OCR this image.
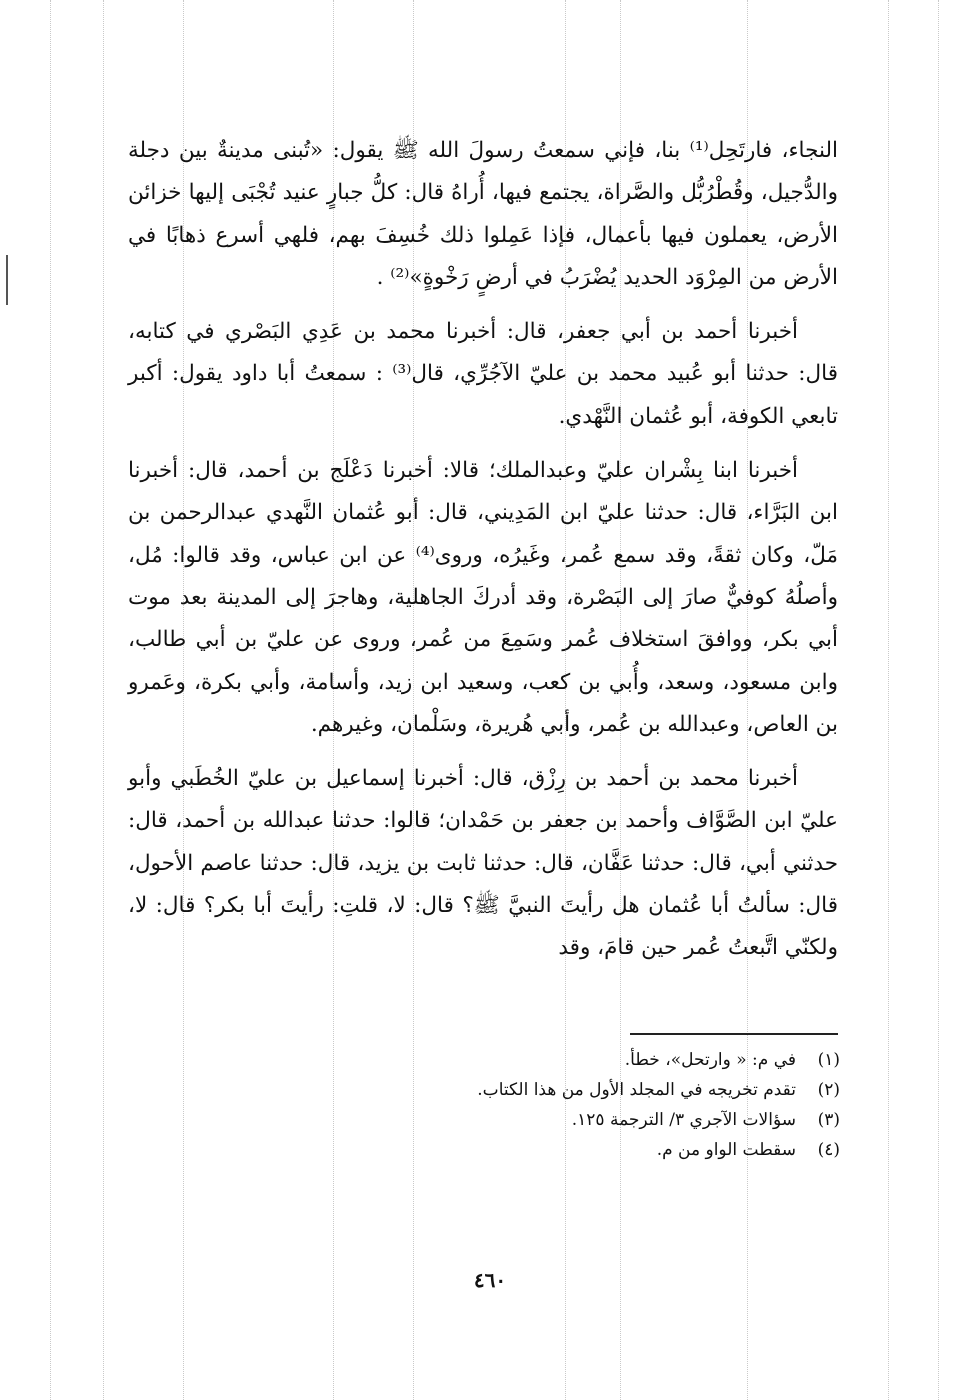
النجاء، فارتَحِل⁽¹⁾ بنا، فإني سمعتُ رسولَ الله ﷺ يقول: «تُبنى مدينةٌ بين دجلة والدُّجيل، وقُطْرُبُّل والصَّراة، يجتمع فيها، أُراهُ قال: كلُّ جبارٍ عنيد تُجْبَى إليها خزائن الأرض، يعملون فيها بأعمال، فإذا عَمِلوا ذلك خُسِفَ بهم، فلهي أسرع ذهابًا في الأرض من المِرْوَد الحديد يُضْرَبُ في أرضٍ رَخْوةٍ»⁽²⁾ .

أخبرنا أحمد بن أبي جعفر، قال: أخبرنا محمد بن عَدِي البَصْري في كتابه، قال: حدثنا أبو عُبيد محمد بن عليّ الآجُرِّي، قال⁽³⁾ : سمعتُ أبا داود يقول: أكبر تابعي الكوفة، أبو عُثمان النَّهْدي.

أخبرنا ابنا بِشْران عليّ وعبدالملك؛ قالا: أخبرنا دَعْلَج بن أحمد، قال: أخبرنا ابن البَرَّاء، قال: حدثنا عليّ ابن المَدِيني، قال: أبو عُثمان النَّهدي عبدالرحمن بن مَلّ، وكان ثقةً، وقد سمع عُمر، وغَيرُه، وروى⁽⁴⁾ عن ابن عباس، وقد قالوا: مُل، وأصلُهُ كوفيٌّ صارَ إلى البَصْرة، وقد أدركَ الجاهلية، وهاجرَ إلى المدينة بعد موت أبي بكر، ووافقَ استخلاف عُمر وسَمِعَ من عُمر، وروى عن عليّ بن أبي طالب، وابن مسعود، وسعد، وأُبي بن كعب، وسعيد ابن زيد، وأسامة، وأبي بكرة، وعَمرو بن العاص، وعبدالله بن عُمر، وأبي هُريرة، وسَلْمان، وغيرهم.

أخبرنا محمد بن أحمد بن رِزْق، قال: أخبرنا إسماعيل بن عليّ الخُطَبي وأبو عليّ ابن الصَّوَّاف وأحمد بن جعفر بن حَمْدان؛ قالوا: حدثنا عبدالله بن أحمد، قال: حدثني أبي، قال: حدثنا عَفَّان، قال: حدثنا ثابت بن يزيد، قال: حدثنا عاصم الأحول، قال: سألتُ أبا عُثمان هل رأيتَ النبيَّ ﷺ؟ قال: لا، قلتِ: رأيتَ أبا بكر؟ قال: لا، ولكنّي اتَّبعتُ عُمر حين قامَ، وقد

(١)
في م: « وارتحل»، خطأ.
(٢)
تقدم تخريجه في المجلد الأول من هذا الكتاب.
(٣)
سؤالات الآجري ٣/ الترجمة ١٢٥.
(٤)
سقطت الواو من م.
٤٦٠
